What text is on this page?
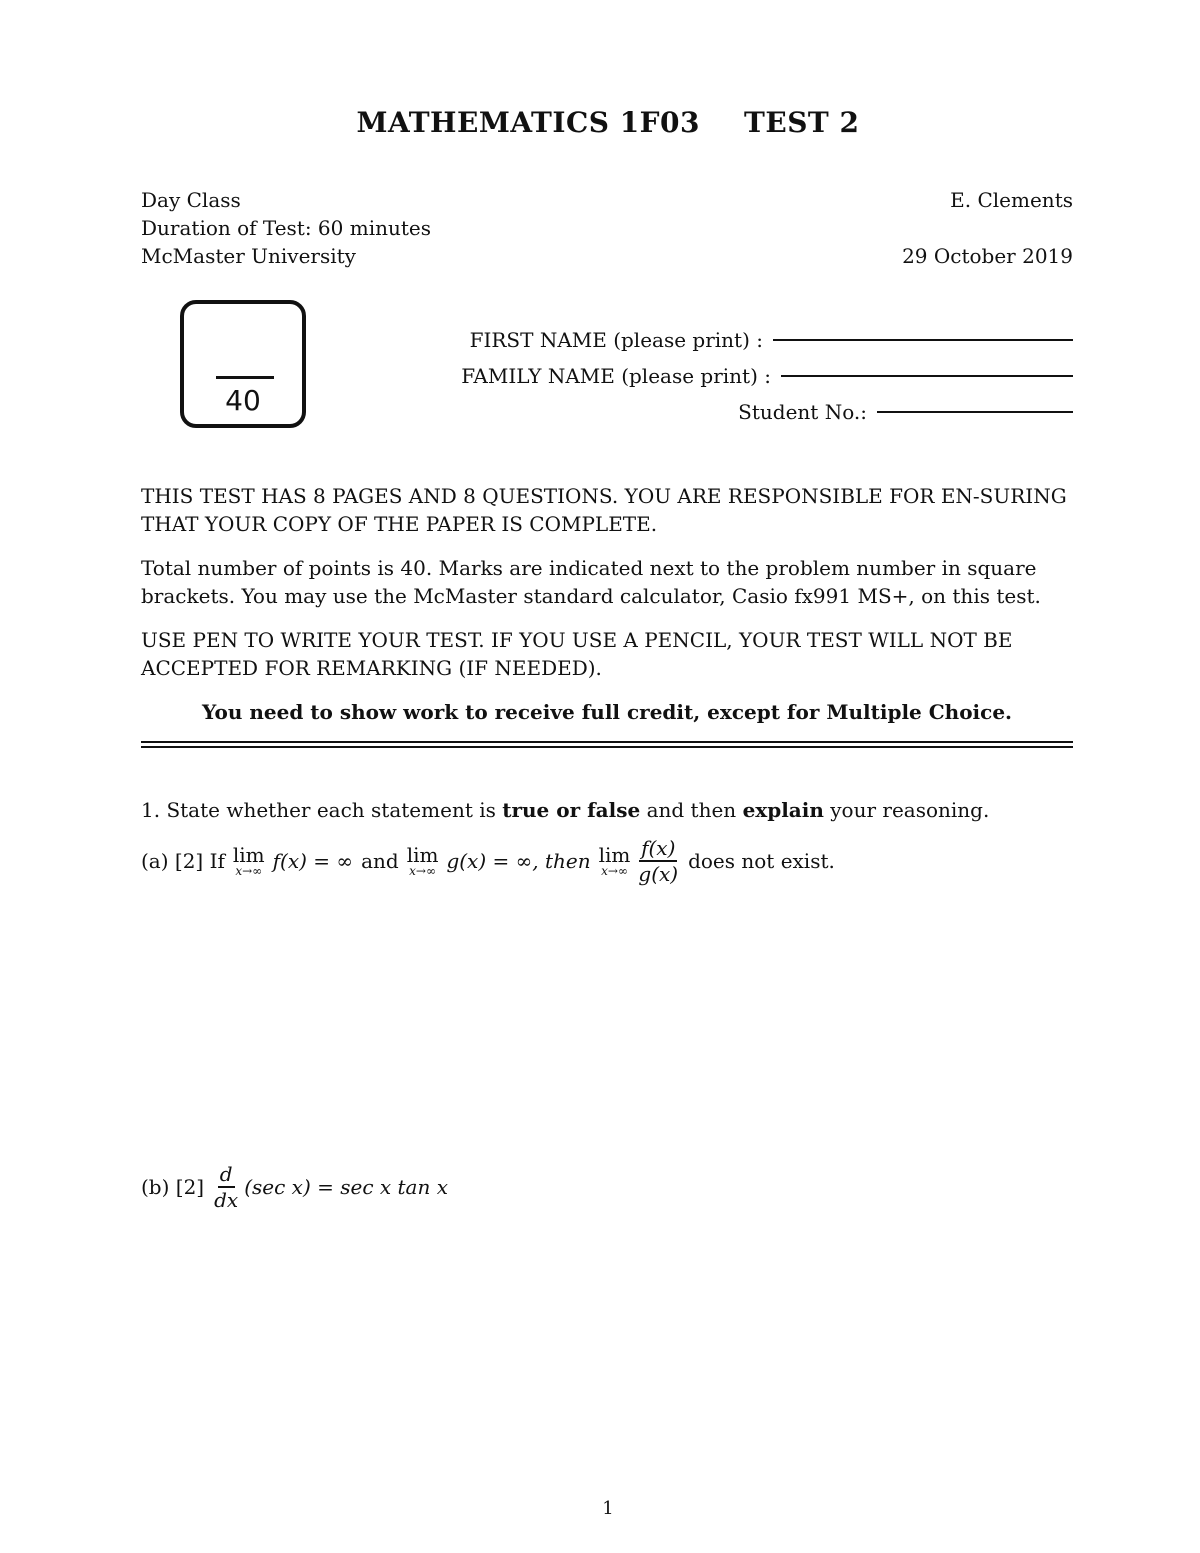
MATHEMATICS 1F03 TEST 2
Day Class
Duration of Test: 60 minutes
McMaster University
E. Clements
29 October 2019
40
FIRST NAME (please print) :
FAMILY NAME (please print) :
Student No.:
THIS TEST HAS 8 PAGES AND 8 QUESTIONS. YOU ARE RESPONSIBLE FOR EN-SURING THAT YOUR COPY OF THE PAPER IS COMPLETE.
Total number of points is 40. Marks are indicated next to the problem number in square brackets. You may use the McMaster standard calculator, Casio fx991 MS+, on this test.
USE PEN TO WRITE YOUR TEST. IF YOU USE A PENCIL, YOUR TEST WILL NOT BE ACCEPTED FOR REMARKING (IF NEEDED).
You need to show work to receive full credit, except for Multiple Choice.
1. State whether each statement is true or false and then explain your reasoning.
(a) [2] If lim
x→∞ f(x) = ∞ and lim
x→∞ g(x) = ∞, then lim
$x\to\infty \frac{f(x)}{g(x)}$ does not exist.
(b) $[2] \frac{d}{dx} (\sec$ x) = sec x tan x
1
